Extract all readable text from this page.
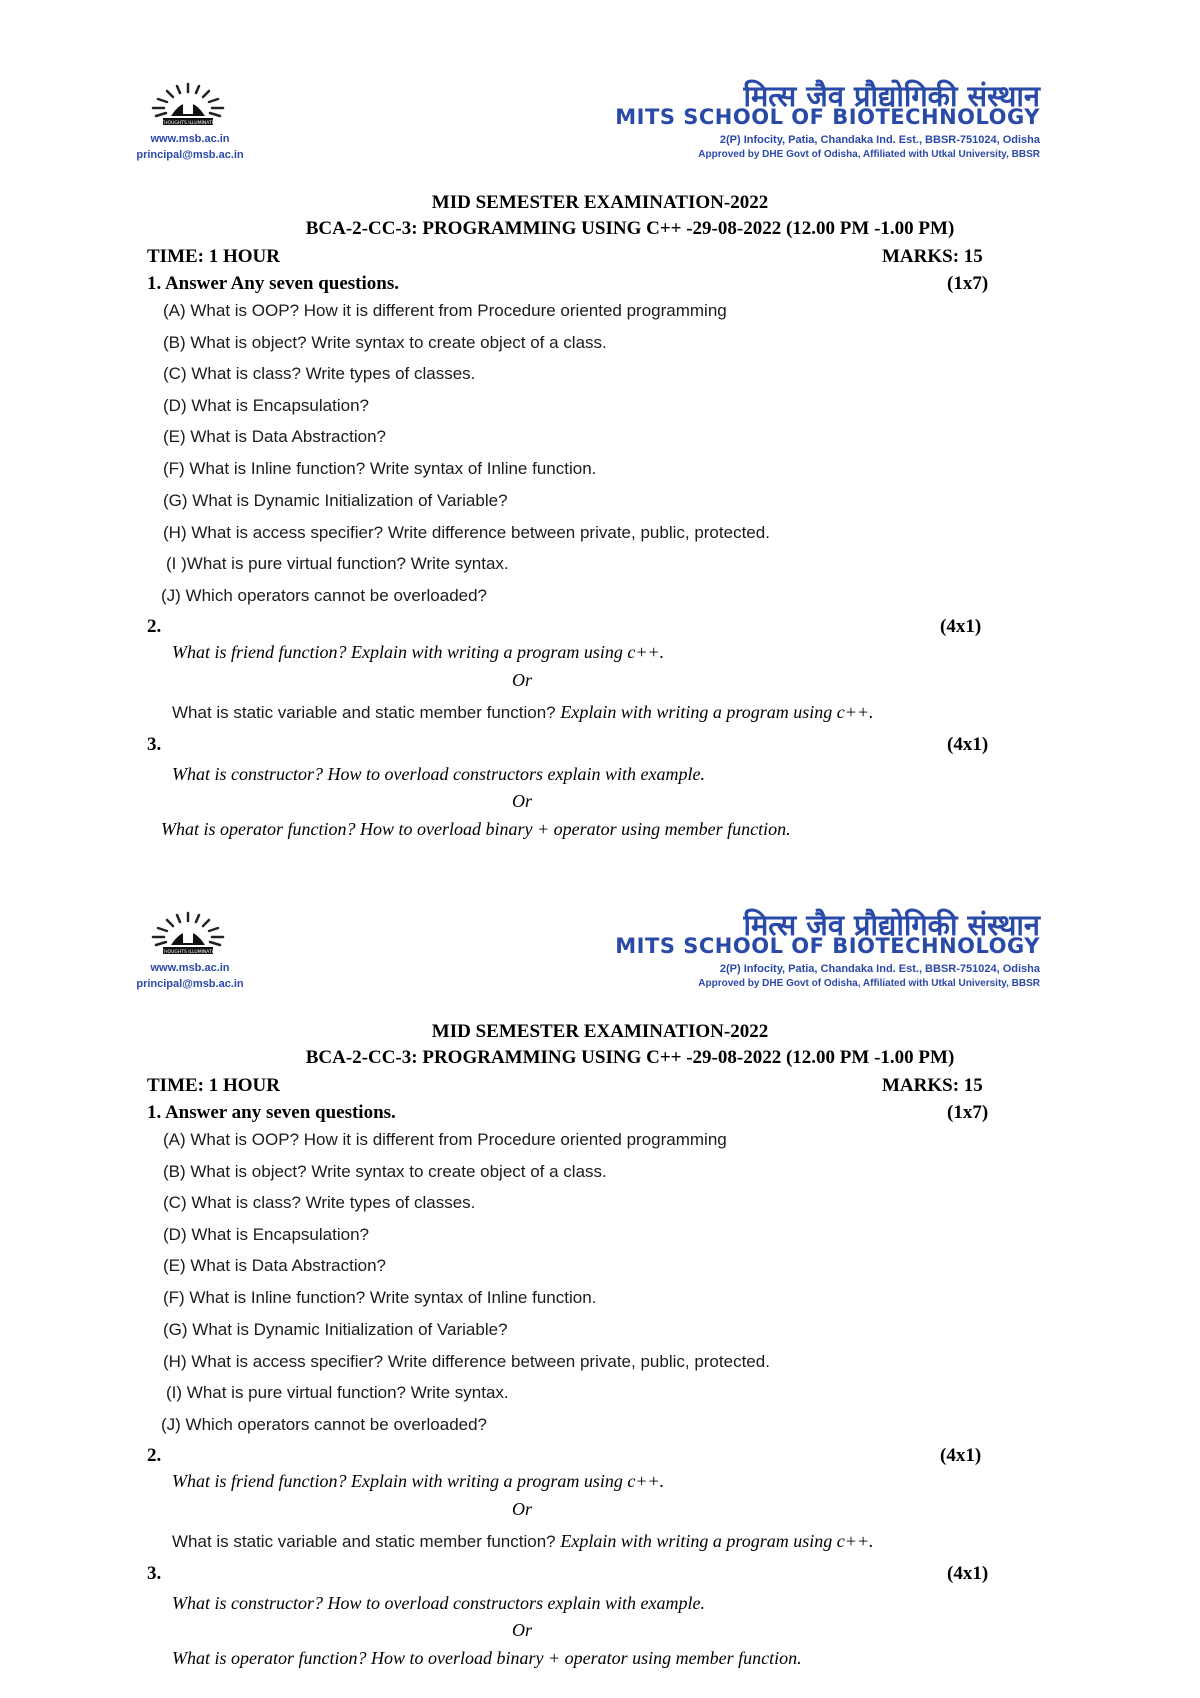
THOUGHTS ILLUMINATE
www.msb.ac.in
principal@msb.ac.in
मित्स जैव प्रौद्योगिकी संस्थान
MITS SCHOOL OF BIOTECHNOLOGY
2(P) Infocity, Patia, Chandaka Ind. Est., BBSR-751024, Odisha
Approved by DHE Govt of Odisha, Affiliated with Utkal University, BBSR
MID SEMESTER EXAMINATION-2022
BCA-2-CC-3: PROGRAMMING USING C++ -29-08-2022 (12.00 PM -1.00 PM)
TIME: 1 HOUR	MARKS: 15
1. Answer Any seven questions.	(1x7)
(A) What is OOP? How it is different from Procedure oriented programming
(B) What is object? Write syntax to create object of a class.
(C) What is class? Write types of classes.
(D) What is Encapsulation?
(E) What is Data Abstraction?
(F) What is Inline function? Write syntax of Inline function.
(G) What is Dynamic Initialization of Variable?
(H) What is access specifier? Write difference between private, public, protected.
(I )What is pure virtual function? Write syntax.
(J) Which operators cannot be overloaded?
2.	(4x1)
What is friend function? Explain with writing a program using c++.
Or
What is static variable and static member function? Explain with writing a program using c++.
3.	(4x1)
What is constructor? How to overload constructors explain with example.
Or
What is operator function? How to overload binary + operator using member function.
THOUGHTS ILLUMINATE
www.msb.ac.in
principal@msb.ac.in
मित्स जैव प्रौद्योगिकी संस्थान
MITS SCHOOL OF BIOTECHNOLOGY
2(P) Infocity, Patia, Chandaka Ind. Est., BBSR-751024, Odisha
Approved by DHE Govt of Odisha, Affiliated with Utkal University, BBSR
MID SEMESTER EXAMINATION-2022
BCA-2-CC-3: PROGRAMMING USING C++ -29-08-2022 (12.00 PM -1.00 PM)
TIME: 1 HOUR	MARKS: 15
1. Answer any seven questions.	(1x7)
(A) What is OOP? How it is different from Procedure oriented programming
(B) What is object? Write syntax to create object of a class.
(C) What is class? Write types of classes.
(D) What is Encapsulation?
(E) What is Data Abstraction?
(F) What is Inline function? Write syntax of Inline function.
(G) What is Dynamic Initialization of Variable?
(H) What is access specifier? Write difference between private, public, protected.
(I) What is pure virtual function? Write syntax.
(J) Which operators cannot be overloaded?
2.	(4x1)
What is friend function? Explain with writing a program using c++.
Or
What is static variable and static member function? Explain with writing a program using c++.
3.	(4x1)
What is constructor? How to overload constructors explain with example.
Or
What is operator function? How to overload binary + operator using member function.
